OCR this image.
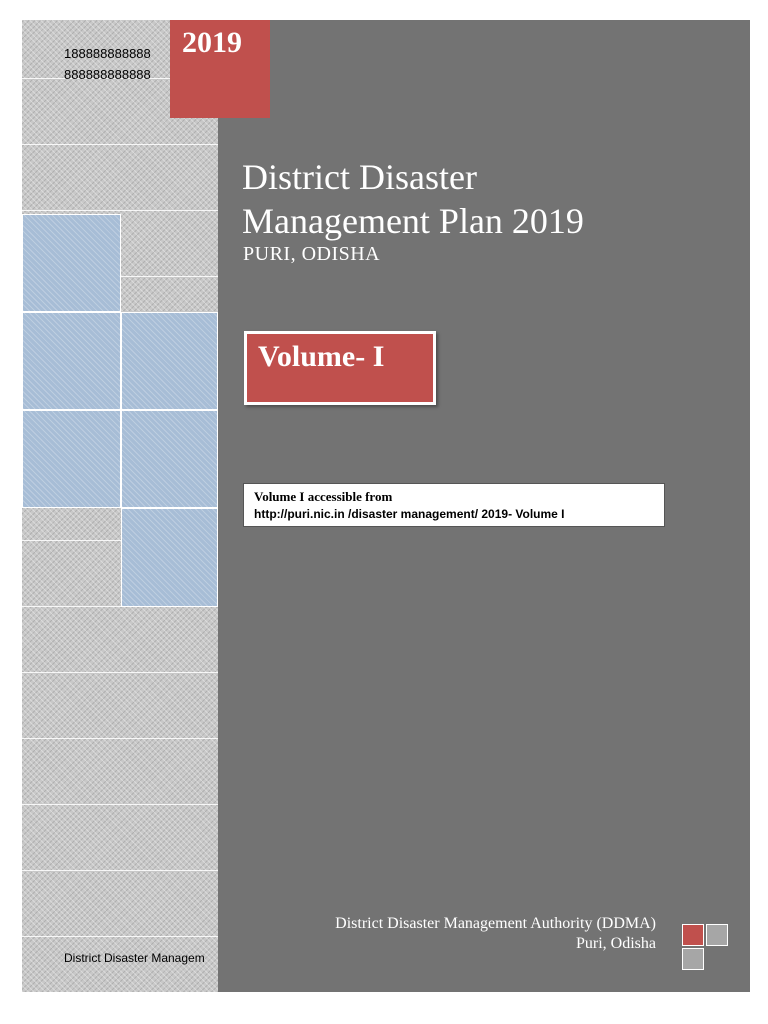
188888888888
888888888888
2019
District Disaster
Management Plan 2019
PURI, ODISHA
Volume- I
Volume I accessible from
http://puri.nic.in /disaster management/ 2019- Volume I
District Disaster Management Authority (DDMA)
Puri, Odisha
District Disaster Managem
